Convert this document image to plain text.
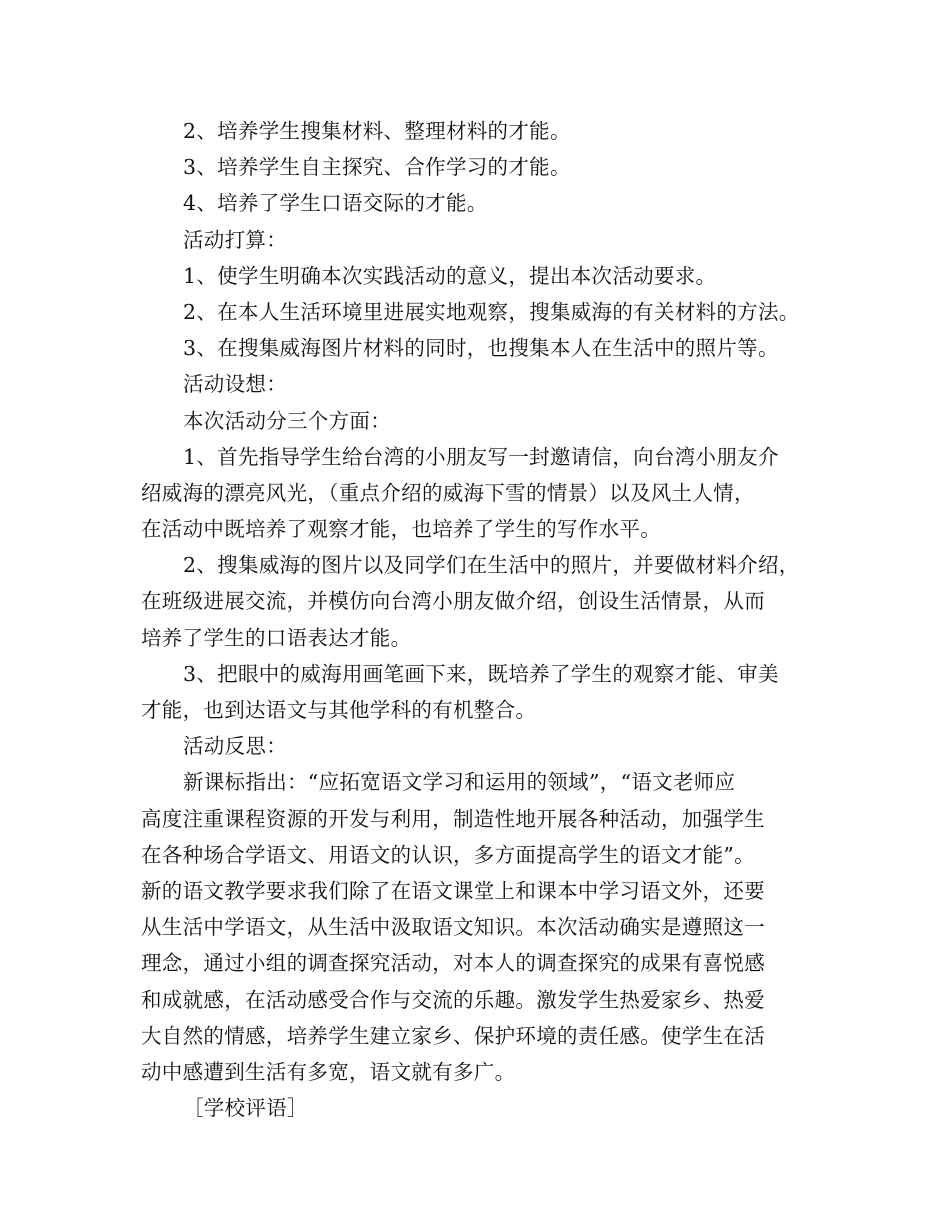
2、培养学生搜集材料、整理材料的才能。
3、培养学生自主探究、合作学习的才能。
4、培养了学生口语交际的才能。
活动打算：
1、使学生明确本次实践活动的意义，提出本次活动要求。
2、在本人生活环境里进展实地观察，搜集威海的有关材料的方法。
3、在搜集威海图片材料的同时，也搜集本人在生活中的照片等。
活动设想：
本次活动分三个方面：
1、首先指导学生给台湾的小朋友写一封邀请信，向台湾小朋友介
绍威海的漂亮风光，（重点介绍的威海下雪的情景）以及风土人情，
在活动中既培养了观察才能，也培养了学生的写作水平。
2、搜集威海的图片以及同学们在生活中的照片，并要做材料介绍，
在班级进展交流，并模仿向台湾小朋友做介绍，创设生活情景，从而
培养了学生的口语表达才能。
3、把眼中的威海用画笔画下来，既培养了学生的观察才能、审美
才能，也到达语文与其他学科的有机整合。
活动反思：
新课标指出：“应拓宽语文学习和运用的领域”，“语文老师应
高度注重课程资源的开发与利用，制造性地开展各种活动，加强学生
在各种场合学语文、用语文的认识，多方面提高学生的语文才能”。
新的语文教学要求我们除了在语文课堂上和课本中学习语文外，还要
从生活中学语文，从生活中汲取语文知识。本次活动确实是遵照这一
理念，通过小组的调查探究活动，对本人的调查探究的成果有喜悦感
和成就感，在活动感受合作与交流的乐趣。激发学生热爱家乡、热爱
大自然的情感，培养学生建立家乡、保护环境的责任感。使学生在活
动中感遭到生活有多宽，语文就有多广。
［学校评语］
